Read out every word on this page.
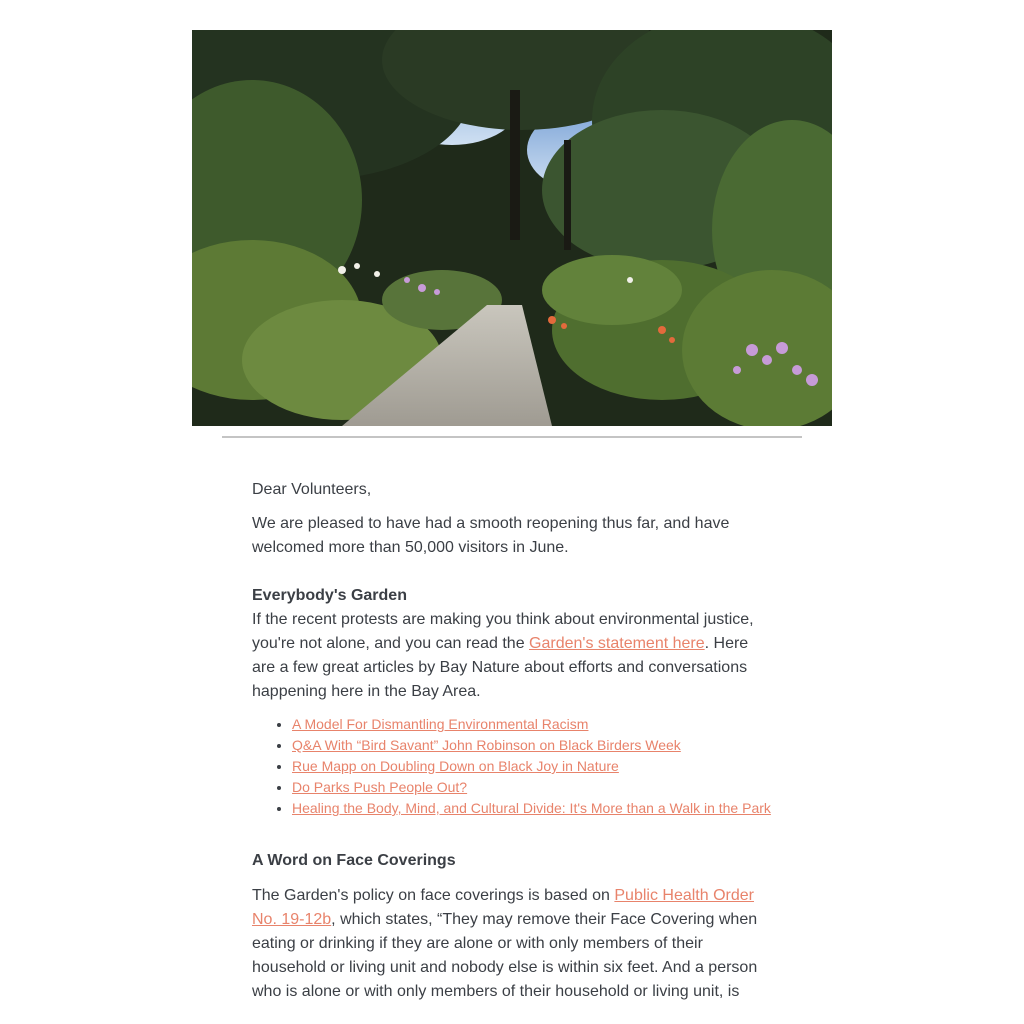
Dear Volunteers,

We are pleased to have had a smooth reopening thus far, and have welcomed more than 50,000 visitors in June.

Everybody's Garden

If the recent protests are making you think about environmental justice, you're not alone, and you can read the Garden's statement here. Here are a few great articles by Bay Nature about efforts and conversations happening here in the Bay Area.

• A Model For Dismantling Environmental Racism
• Q&A With “Bird Savant” John Robinson on Black Birders Week
• Rue Mapp on Doubling Down on Black Joy in Nature
• Do Parks Push People Out?
• Healing the Body, Mind, and Cultural Divide: It's More than a Walk in the Park
A Word on Face Coverings

The Garden's policy on face coverings is based on Public Health Order No. 19-12b, which states, “They may remove their Face Covering when eating or drinking if they are alone or with only members of their household or living unit and nobody else is within six feet. And a person who is alone or with only members of their household or living unit, is
